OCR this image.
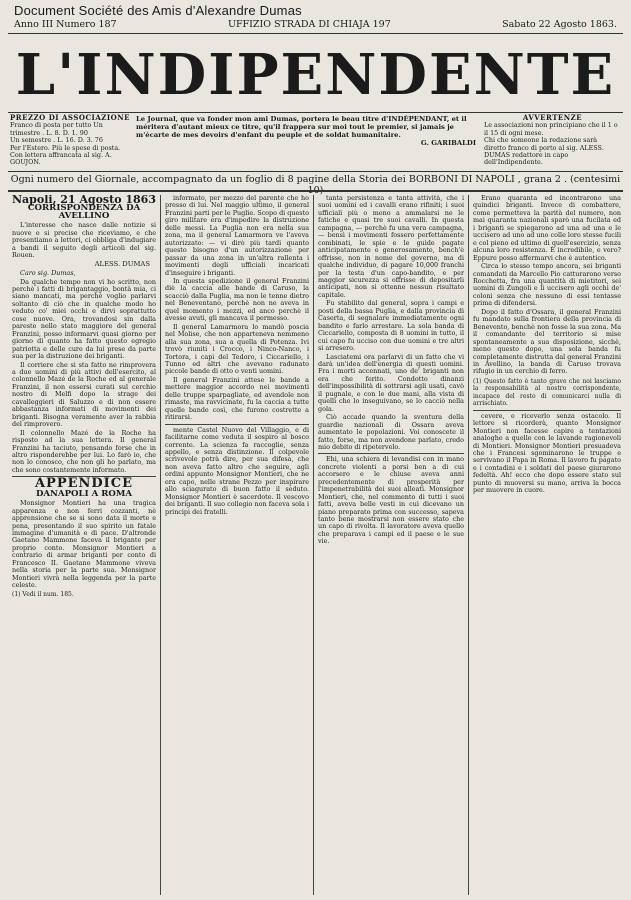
Document Société des Amis d'Alexandre Dumas
Anno III Numero 187	UFFIZIO STRADA DI CHIAJA 197	Sabato 22 Agosto 1863.
L'INDIPENDENTE
PREZZO DI ASSOCIAZIONE
Franco di posta per tutto Un trimestre . L. 8. D. 1. 90
Un semestre . L. 16. D. 3. 76
Per l'Estero. Più le spese di posta. Con lettera affrancata al sig. A. GOUJON.
Le Journal, que va fonder mon ami Dumas, portera le beau titre d'INDÉPENDANT, et il méritera d'autant mieux ce titre, qu'il frappera sur moi tout le premier, si jamais je m'écarte de mes devoirs d'enfant du peuple et de soldat humanitaire.
G. GARIBALDI
AVVERTENZE
Le associazioni non principiano che il 1 o il 15 di ogni mese.
Chi che someone la redazione sarà diretto franco di porto al sig. ALESS. DUMAS redattore in capo dell'Indipendente.
Ogni numero del Giornale, accompagnato da un foglio di 8 pagine della Storia dei BORBONI DI NAPOLI , grana 2 . (centesimi 10)
Napoli, 21 Agosto 1863
CORRISPONDENZA DA AVELLINO

L'interesse che nasce dalle notizie si nuove e si precise che riceviamo, e che presentiamo a lettori, ci obbliga d'indugiare a bandi il seguito degli articoli del sig. Rouen.

ALESS. DUMAS

Caro sig. Dumas,

Da qualche tempo non vi ho scritto, non perchè i fatti di brigantaggio, bontà mia, ci siano mancati, ma perchè voglio parlarvi soltanto di ciò che in qualche modo ho veduto co' miei occhi e dirvi soprattutto cose nuove. Ora, trovandosi sin dalla pareste nello stato maggiore del general Franzini, posso informarvi quasi giorno per giorno di quanto ha fatto questo egregio patriotta e delle cure da lui prese da parte sua per la distruzione dei briganti.

Il corriere che si sta fatto ne rimprovera a due uomini di più attivi dell'esercito, al colonnello Mazé de la Roche ed al generale Franzini, il non essersi curati sul cerchio nostro di Melfi dopo la strage dei cavalleggieri di Saluzzo e di non essere abbastanza informati di movimenti dei briganti. Bisogna veramente aver la rabbia del rimprovero.

Il colonnello Mazé de la Roche ha risposto ad la sua lettera. Il general Franzini ha taciuto, pensando forse che in altro risponderebbe per lui. Lo farò io, che non lo conosco, che non gli ho parlato, ma che sono costantemente informato.

APPENDICE
DANAPOLI A ROMA

Monsignor Montieri ha una tragica apparenza e non ferri cozzanti, nè apprensione che se si sono data il morte e pena, presentando il suo spirito un fatale immagine d'umanità e di pace. D'altronde Gaetano Mammone faceva il brigante per proprio conto. Monsignor Montieri a contrario di armar briganti per conto di Francesco II. Gaetano Mammone viveva nella storia per la parte sua. Monsignor Montieri vivrà nella leggenda per la parte celeste.

(1) Vedi il num. 185.

informato, per mezzo del parente che ho presso di lui. Nel maggio ultimo, il general Franzini parti per le Puglie. Scopo di questo giro militare era d'impedire la distruzione delle messi. La Puglia non era nella sua zona, ma il general Lamarmora ve l'aveva autorizzato: — vi dirò più tardi quanto questo bisogno d'un autorizzazione per passar da una zona in un'altra rallenta i movimenti degli ufficiali incaricati d'inseguire i briganti.

In questa spedizione il general Franzini diè la caccia alle bande di Caruso, la scacciò dalla Puglia, ma non le tenne dietro nel Beneventano, perchè non ne aveva in quel momento i mezzi, ed anco perchè il avesse avuti, gli mancava il permesso.

Il general Lamarmora lo mandò poscia nel Molise, che non apparteneva nemmeno alla sua zona, sua a quella di Potenza. Ivi trovò riuniti i Crocco, i Ninco-Nanco, i Tortora, i capi del Tedoro, i Ciccariello, i Tunno ed altri che avevano radunato piccole bande di otto o venti uomini.

Il general Franzini attese le bande a mettere maggior accordo nei movimenti delle truppe sparpagliate, ed avendole non rimaste, ma ravvicinate, fu la caccia a tutte quelle bande così, che furono costrette a ritirarsi.

mente Castel Nuovo del Villaggio, e di facilitarne come veduta il sospiro al bosco corrente. La scienza fa raccoglie, senza appello, e senza distinzione. Il colpevole scrivevole potrà dire, per sua difesa, che non aveva fatto altro che seguire, agli ordini appunto Monsignor Montieri, che ne era capo, nelle strane Pezzo per inspirare allo sciagurato di buon fatto il seduto. Monsignor Montieri è sacerdote. Il vescovo dei briganti. Il suo collegio non faceva sola i principi dei fratelli.

tanta persistenza e tanta attività, che i suoi uomini ed i cavalli erano rifiniti; i suoi ufficiali più o meno a ammalarsi ne le fatiche e quasi tre suoi cavalli. In questa campagna, — perchè fu una vera campagna, — bensì i movimenti fossero perfettamente combinati, le spie e le guide pagate anticipatamente e generosamente, bench'è offrisse, non in nome del governo, ma di qualche individuo, di pagare 10,000 franchi per la testa d'un capo-bandito, e per maggior sicurezza si offrisse di depositarli anticipati, non si ottenne nessun risultato capitale.

Fu stabilito dal general, sopra i campi e posti della bassa Puglia, e dalla provincia di Caserta, di segnalare immediatamente ogni bandito e farlo arrestare. La sola banda di Ciccariello, composta di 8 uomini in tutto, il cui capo fu ucciso con due uomini e tre altri si arresero.

Lasciatemi ora parlarvi di un fatto che vi darà un'idea dell'energia di questi uomini. Fra i morti accennati, uno de' briganti non era che ferito. Condotto dinanzi dell'impossibilità di sottrarsi agli usati, cavò il pugnale, e con le due mani, alla vista di quelli che lo inseguivano, se lo cacciò nella gola.

Ciò accade quando la sventura della guardie nazionali di Ossara aveva aumentato le popolazioni. Voi conoscete il fatto, forse, ma non avendone parlato, credo mio debito di ripetervelo.

Ehi, una schiera di levandisi con in mano concrete violenti a porsi ben a di cui accorsero e le chiuse aveva anni precedentemente di prosperità per l'impenetrabilità dei suoi alleati. Monsignor Montieri, che, nel commento di tutti i suoi fatti, aveva belle vesti in cui dicevano un piano preparato prima con successo, sapeva tanto bene mostrarsi non essere stato che un capo di rivolta. Il lavoratore aveva quello che preparava i campi ed il paese e le sue vie.

Erano quaranta ed incontrarono una quindici briganti. Invece di combattere, come permetteva la parità del numero, non mai quaranta nazionali sparò una fucilata ed i briganti se spiegarono ad una ad una e le uccisero ad uno ad uno colle loro stesse fucili e col pieno ed ultimo di quell'esercizio, senza alcuna loro resistenza. È incredibile, e vero? Eppure posso affermarvi che è autentico.

Circa lo stesso tempo ancora, sei briganti comandati da Marcello Pio catturarono verso Rocchetta, fra una quantità di mietitori, sei uomini di Zungoli e li uccisero agli occhi de' coloni senza che nessuno di essi tentasse prima di difendersi.

Dopo il fatto d'Ossara, il general Franzini fu mandato sulla frontiera della provincia di Benevento, benchè non fosse la sua zona. Ma il comandante del territorio si mise spontaneamente a sua disposizione, sicchè, meno questo dopo, una sola banda fu completamente distrutta dal general Franzini in Avellino, la banda di Caruso trovava rifugio in un cerchio di ferro.

(1) Questo fatto è tanto grave che noi lasciamo la responsabilità al nostro corrispondente, incapace del resto di comunicarci nulla di arrischiato.

cevere, e riceverlo senza ostacolo. Il lettore si ricorderà, quanto Monsignor Montieri non facesse capire a tentazioni analoghe a quelle con le lavande ragionevoli di Montieri. Monsignor Montieri presuadeva che i Francesi sgominarono le truppe e servivano il Papa in Roma. Il lavoro fu pagato e i contadini e i soldati del paese giurarono fedeltà. Ah! ecco che dopo essere stato sul punto di muoversi su mano, arriva la bocca per muovere in cuore.
